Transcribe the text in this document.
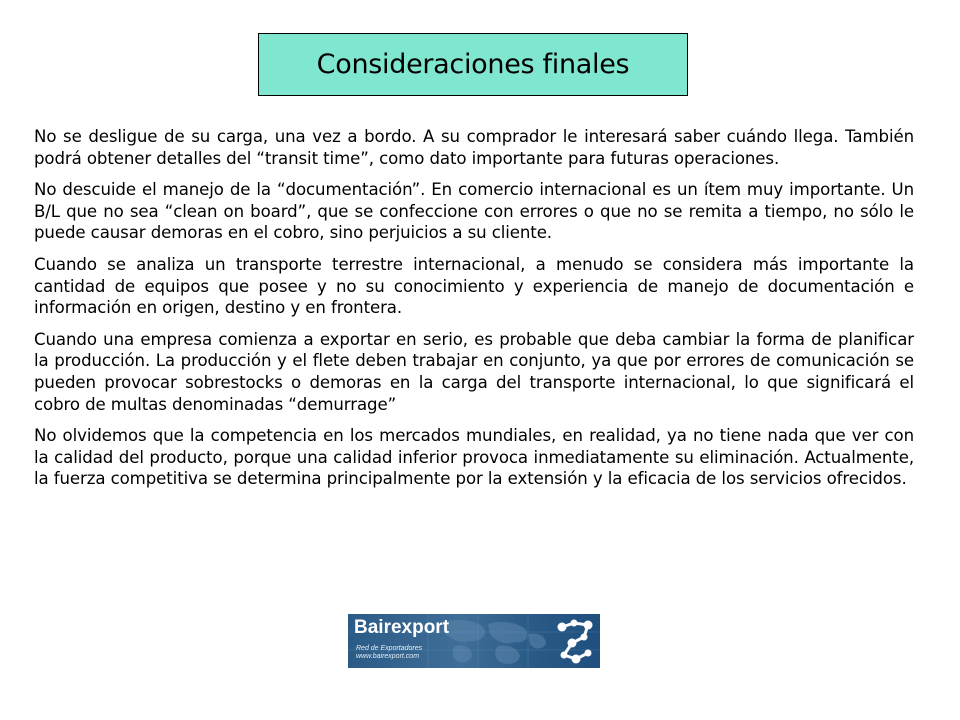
Consideraciones finales

No se desligue de su carga, una vez a bordo. A su comprador le interesará saber cuándo llega. También podrá obtener detalles del “transit time”, como dato importante para futuras operaciones.

No descuide el manejo de la “documentación”. En comercio internacional es un ítem muy importante. Un B/L que no sea “clean on board”, que se confeccione con errores o que no se remita a tiempo, no sólo le puede causar demoras en el cobro, sino perjuicios a su cliente.

Cuando se analiza un transporte terrestre internacional, a menudo se considera más importante la cantidad de equipos que posee y no su conocimiento y experiencia de manejo de documentación e información en origen, destino y en frontera.

Cuando una empresa comienza a exportar en serio, es probable que deba cambiar la forma de planificar la producción. La producción y el flete deben trabajar en conjunto, ya que por errores de comunicación se pueden provocar sobrestocks o demoras en la carga del transporte internacional, lo que significará el cobro de multas denominadas “demurrage”

No olvidemos que la competencia en los mercados mundiales, en realidad, ya no tiene nada que ver con la calidad del producto, porque una calidad inferior provoca inmediatamente su eliminación. Actualmente, la fuerza competitiva se determina principalmente por la extensión y la eficacia de los servicios ofrecidos.

Bairexport
Red de Exportadores
www.bairexport.com
